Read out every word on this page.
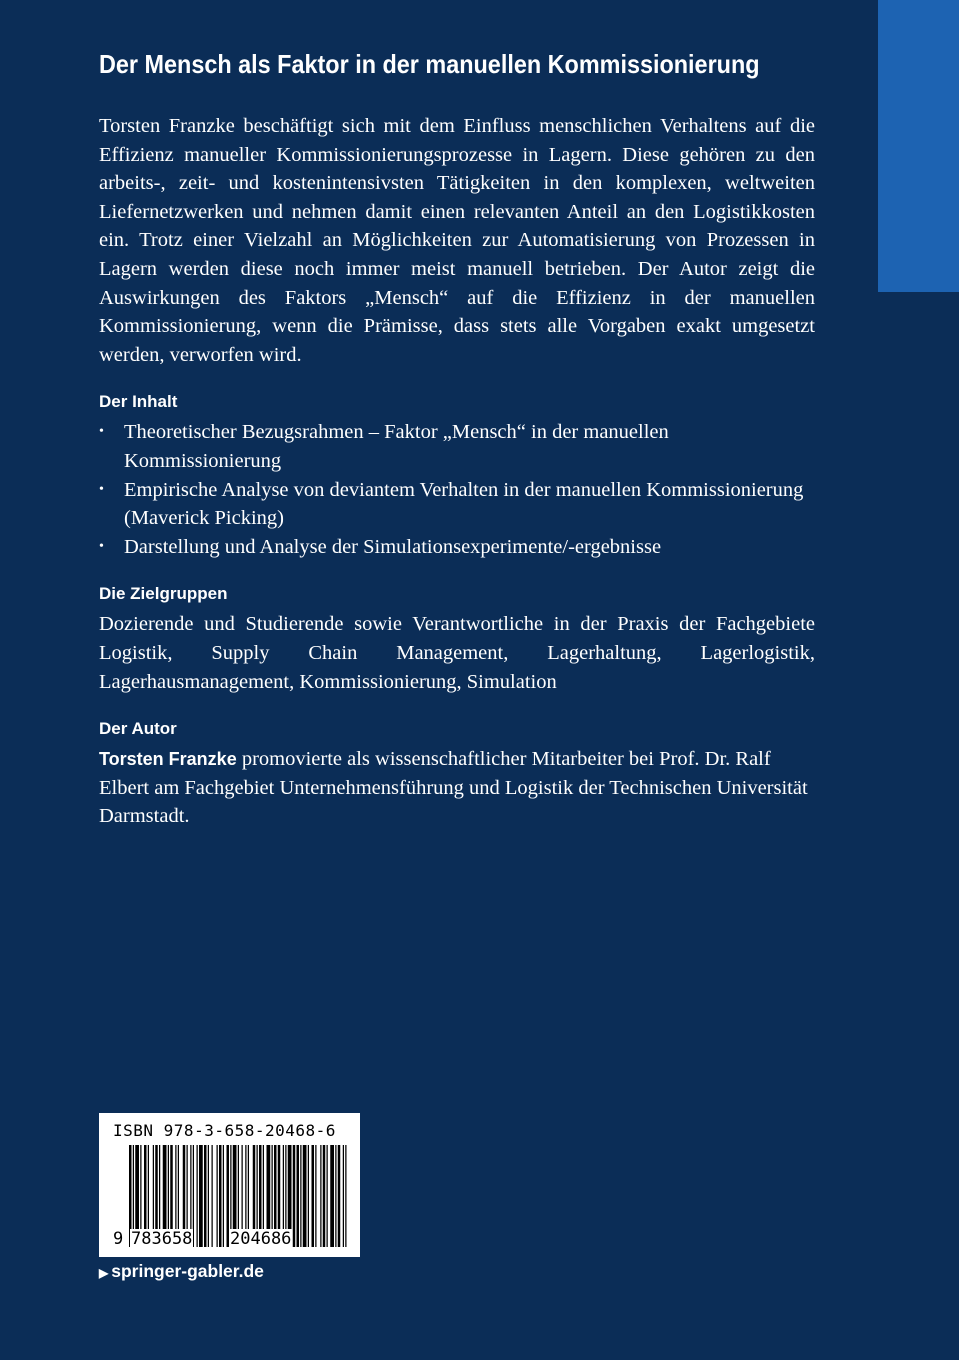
Der Mensch als Faktor in der manuellen Kommissionierung

Torsten Franzke beschäftigt sich mit dem Einfluss menschlichen Verhaltens auf die Effizienz manueller Kommissionierungsprozesse in Lagern. Diese gehören zu den arbeits-, zeit- und kostenintensivsten Tätigkeiten in den komplexen, weltweiten Liefernetzwerken und nehmen damit einen relevanten Anteil an den Logistikkosten ein. Trotz einer Vielzahl an Möglichkeiten zur Automatisierung von Prozessen in Lagern werden diese noch immer meist manuell betrieben. Der Autor zeigt die Auswirkungen des Faktors „Mensch“ auf die Effizienz in der manuellen Kommissionierung, wenn die Prämisse, dass stets alle Vorgaben exakt umgesetzt werden, verworfen wird.

Der Inhalt
• Theoretischer Bezugsrahmen – Faktor „Mensch“ in der manuellen Kommissionierung
• Empirische Analyse von deviantem Verhalten in der manuellen Kommissionierung (Maverick Picking)
• Darstellung und Analyse der Simulationsexperimente/-ergebnisse
Die Zielgruppen

Dozierende und Studierende sowie Verantwortliche in der Praxis der Fachgebiete Logistik, Supply Chain Management, Lagerhaltung, Lagerlogistik, Lagerhausmanagement, Kommissionierung, Simulation

Der Autor

Torsten Franzke promovierte als wissenschaftlicher Mitarbeiter bei Prof. Dr. Ralf Elbert am Fachgebiet Unternehmensführung und Logistik der Technischen Universität Darmstadt.

ISBN 978-3-658-20468-6
9 783658 204686
▶ springer-gabler.de
